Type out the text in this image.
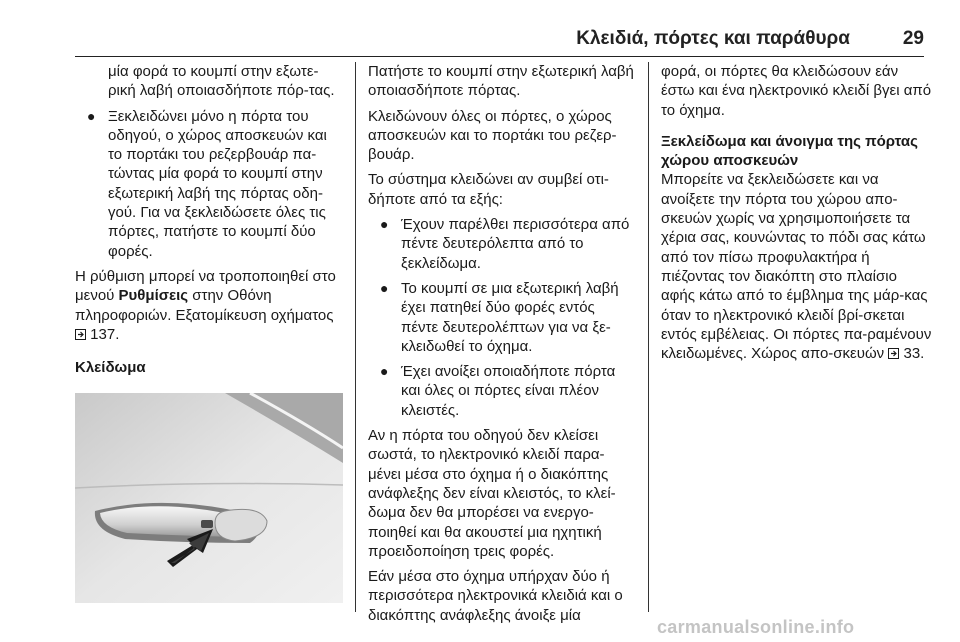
Κλειδιά, πόρτες και παράθυρα	29

μία φορά το κουμπί στην εξωτε-ρική λαβή οποιασδήποτε πόρ-τας.

● Ξεκλειδώνει μόνο η πόρτα του οδηγού, ο χώρος αποσκευών και το πορτάκι του ρεζερβουάρ πα-τώντας μία φορά το κουμπί στην εξωτερική λαβή της πόρτας οδη-γού. Για να ξεκλειδώσετε όλες τις πόρτες, πατήστε το κουμπί δύο φορές.

Η ρύθμιση μπορεί να τροποποιηθεί στο μενού Ρυθμίσεις στην Οθόνη πληροφοριών. Εξατομίκευση οχήματος  137.

Κλείδωμα

Πατήστε το κουμπί στην εξωτερική λαβή οποιασδήποτε πόρτας.

Κλειδώνουν όλες οι πόρτες, ο χώρος αποσκευών και το πορτάκι του ρεζερ-βουάρ.

Το σύστημα κλειδώνει αν συμβεί οτι-δήποτε από τα εξής:

● Έχουν παρέλθει περισσότερα από πέντε δευτερόλεπτα από το ξεκλείδωμα.
● Το κουμπί σε μια εξωτερική λαβή έχει πατηθεί δύο φορές εντός πέντε δευτερολέπτων για να ξε-κλειδωθεί το όχημα.
● Έχει ανοίξει οποιαδήποτε πόρτα και όλες οι πόρτες είναι πλέον κλειστές.

Αν η πόρτα του οδηγού δεν κλείσει σωστά, το ηλεκτρονικό κλειδί παρα-μένει μέσα στο όχημα ή ο διακόπτης ανάφλεξης δεν είναι κλειστός, το κλεί-δωμα δεν θα μπορέσει να ενεργο-ποιηθεί και θα ακουστεί μια ηχητική προειδοποίηση τρεις φορές.

Εάν μέσα στο όχημα υπήρχαν δύο ή περισσότερα ηλεκτρονικά κλειδιά και ο διακόπτης ανάφλεξης άνοιξε μία

φορά, οι πόρτες θα κλειδώσουν εάν έστω και ένα ηλεκτρονικό κλειδί βγει από το όχημα.

Ξεκλείδωμα και άνοιγμα της πόρτας χώρου αποσκευών

Μπορείτε να ξεκλειδώσετε και να ανοίξετε την πόρτα του χώρου απο-σκευών χωρίς να χρησιμοποιήσετε τα χέρια σας, κουνώντας το πόδι σας κάτω από τον πίσω προφυλακτήρα ή πιέζοντας τον διακόπτη στο πλαίσιο αφής κάτω από το έμβλημα της μάρ-κας όταν το ηλεκτρονικό κλειδί βρί-σκεται εντός εμβέλειας. Οι πόρτες πα-ραμένουν κλειδωμένες. Χώρος απο-σκευών 33.

carmanualsonline.info
